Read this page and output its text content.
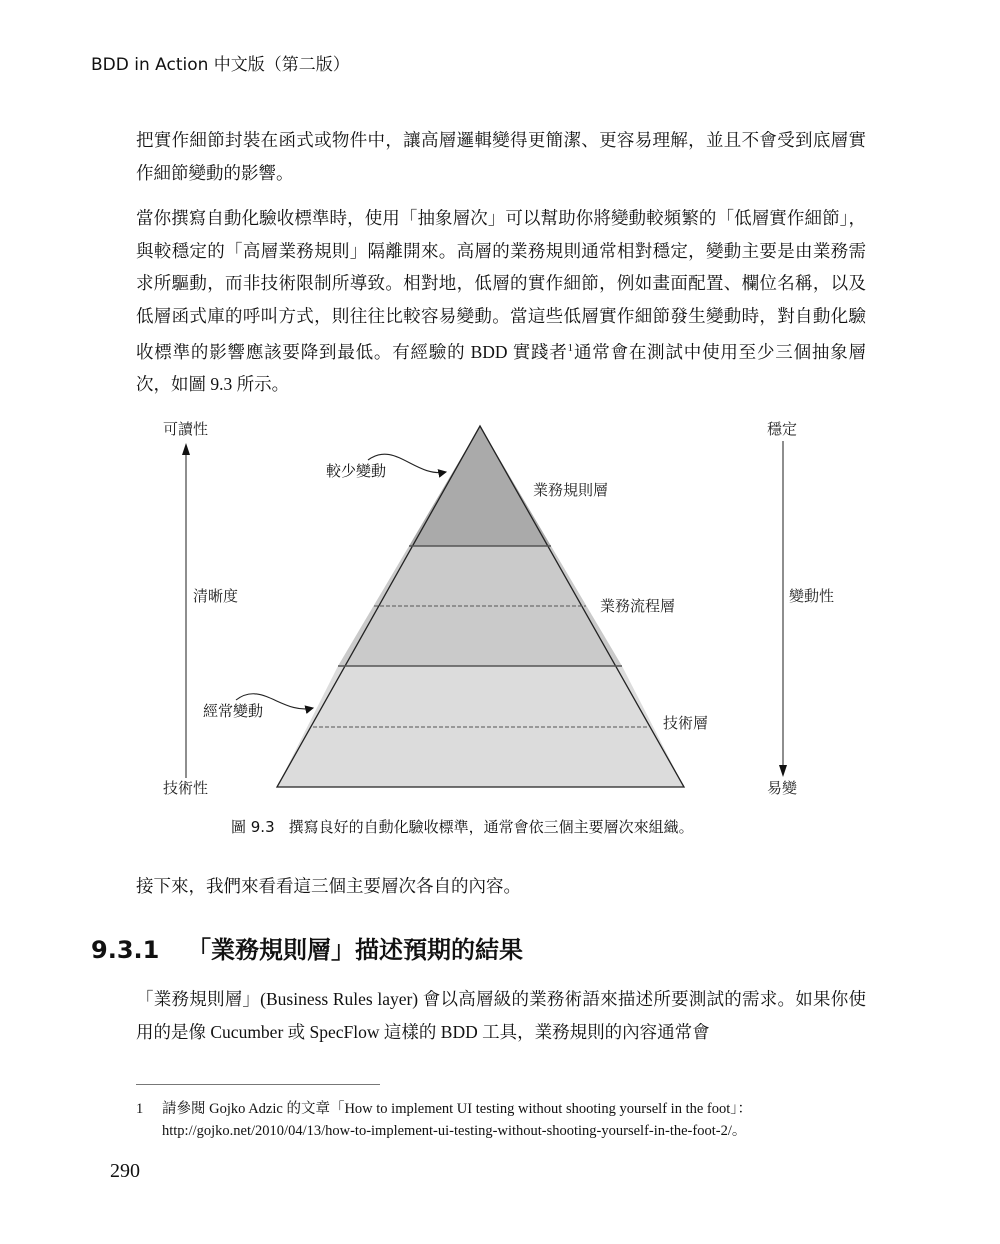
BDD in Action 中文版（第二版）
把實作細節封裝在函式或物件中，讓高層邏輯變得更簡潔、更容易理解，並且不會受到底層實作細節變動的影響。
當你撰寫自動化驗收標準時，使用「抽象層次」可以幫助你將變動較頻繁的「低層實作細節」，與較穩定的「高層業務規則」隔離開來。高層的業務規則通常相對穩定，變動主要是由業務需求所驅動，而非技術限制所導致。相對地，低層的實作細節，例如畫面配置、欄位名稱，以及低層函式庫的呼叫方式，則往往比較容易變動。當這些低層實作細節發生變動時，對自動化驗收標準的影響應該要降到最低。有經驗的 BDD 實踐者$^1$通常會在測試中使用至少三個抽象層次，如圖 9.3 所示。
可讀性
清晰度
技術性
穩定
變動性
易變
較少變動
經常變動
業務規則層
業務流程層
技術層
圖 9.3 撰寫良好的自動化驗收標準，通常會依三個主要層次來組織。
接下來，我們來看看這三個主要層次各自的內容。
9.3.1 「業務規則層」描述預期的結果
「業務規則層」(Business Rules layer) 會以高層級的業務術語來描述所要測試的需求。如果你使用的是像 Cucumber 或 SpecFlow 這樣的 BDD 工具，業務規則的內容通常會
1 請參閱 Gojko Adzic 的文章「How to implement UI testing without shooting yourself in the foot」：
http://gojko.net/2010/04/13/how-to-implement-ui-testing-without-shooting-yourself-in-the-foot-2/。
290
